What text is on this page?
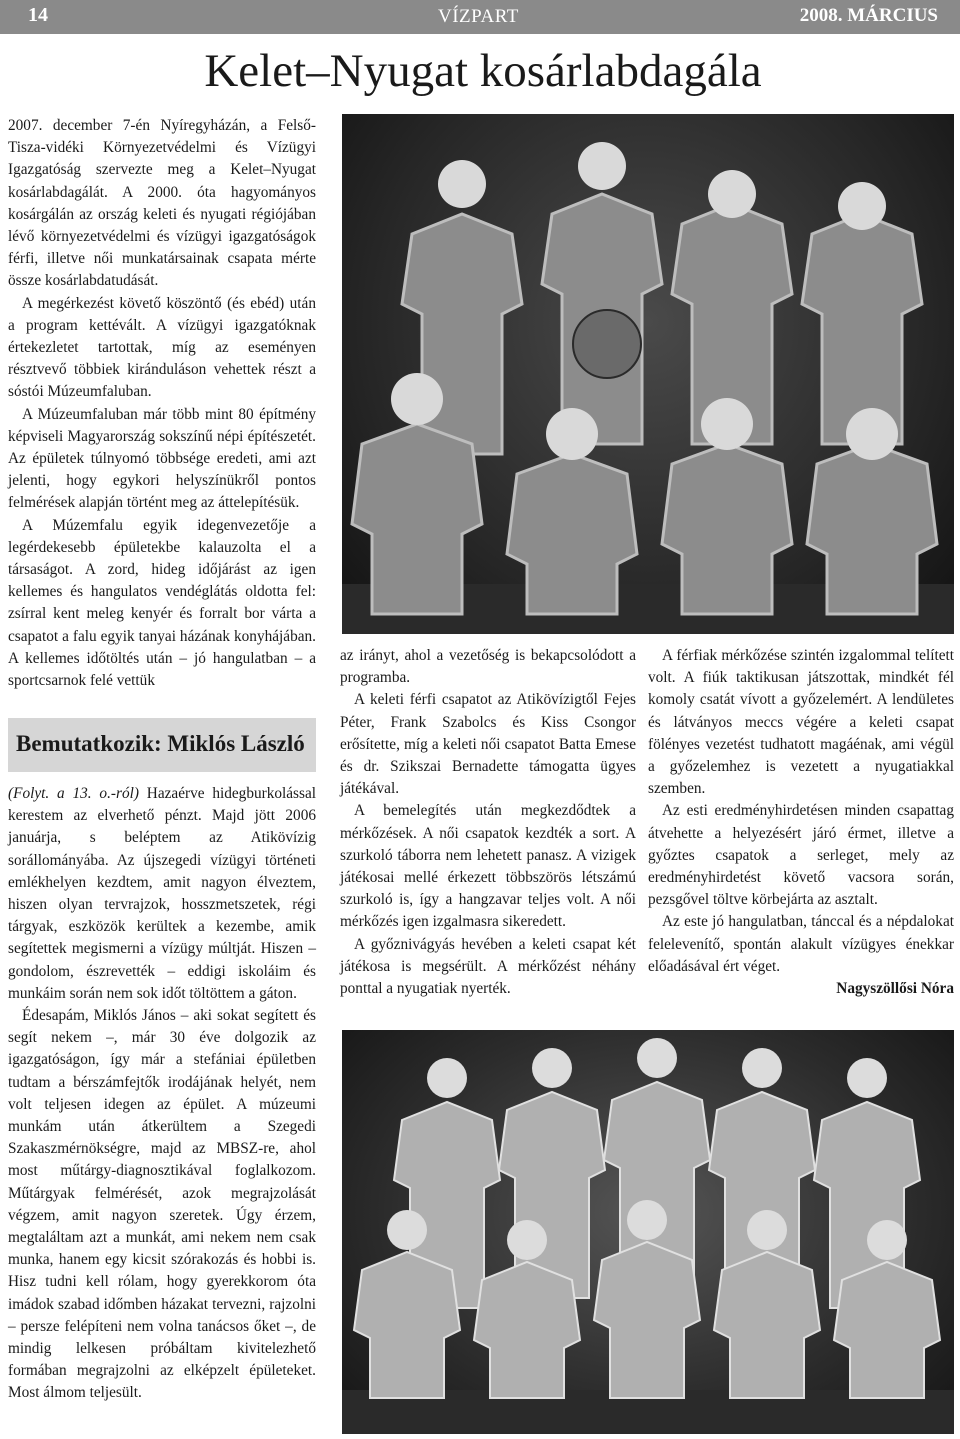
14	VÍZPART	2008. MÁRCIUS
Kelet–Nyugat kosárlabdagála

2007. december 7-én Nyíregyházán, a Felső-Tisza-vidéki Környezetvédelmi és Vízügyi Igazgatóság szervezte meg a Kelet–Nyugat kosárlabdagálát. A 2000. óta hagyományos kosárgálán az ország keleti és nyugati régiójában lévő környezetvédelmi és vízügyi igazgatóságok férfi, illetve női munkatársainak csapata mérte össze kosárlabdatudását.

A megérkezést követő köszöntő (és ebéd) után a program kettévált. A vízügyi igazgatóknak értekezletet tartottak, míg az eseményen résztvevő többiek kiránduláson vehettek részt a sóstói Múzeumfaluban.

A Múzeumfaluban már több mint 80 építmény képviseli Magyarország sokszínű népi építészetét. Az épületek túlnyomó többsége eredeti, ami azt jelenti, hogy egykori helyszínükről pontos felmérések alapján történt meg az áttelepítésük.

A Múzemfalu egyik idegenvezetője a legérdekesebb épületekbe kalauzolta el a társaságot. A zord, hideg időjárást az igen kellemes és hangulatos vendéglátás oldotta fel: zsírral kent meleg kenyér és forralt bor várta a csapatot a falu egyik tanyai házának konyhájában. A kellemes időtöltés után – jó hangulatban – a sportcsarnok felé vettük

Bemutatkozik: Miklós László

(Folyt. a 13. o.-ról) Hazaérve hidegburkolással kerestem az elverhető pénzt. Majd jött 2006 januárja, s beléptem az Atikövízig sorállományába. Az újszegedi vízügyi történeti emlékhelyen kezdtem, amit nagyon élveztem, hiszen olyan tervrajzok, hosszmetszetek, régi tárgyak, eszközök kerültek a kezembe, amik segítettek megismerni a vízügy múltját. Hiszen – gondolom, észrevették – eddigi iskoláim és munkáim során nem sok időt töltöttem a gáton.

Édesapám, Miklós János – aki sokat segített és segít nekem –, már 30 éve dolgozik az igazgatóságon, így már a stefániai épületben tudtam a bérszámfejtők irodájának helyét, nem volt teljesen idegen az épület. A múzeumi munkám után átkerültem a Szegedi Szakaszmérnökségre, majd az MBSZ-re, ahol most műtárgy-diagnosztikával foglalkozom. Műtárgyak felmérését, azok megrajzolását végzem, amit nagyon szeretek. Úgy érzem, megtaláltam azt a munkát, ami nekem nem csak munka, hanem egy kicsit szórakozás és hobbi is. Hisz tudni kell rólam, hogy gyerekkorom óta imádok szabad időmben házakat tervezni, rajzolni – persze felépíteni nem volna tanácsos őket –, de mindig lelkesen próbáltam kivitelezhető formában megrajzolni az elképzelt épületeket. Most álmom teljesült.

az irányt, ahol a vezetőség is bekapcsolódott a programba.

A keleti férfi csapatot az Atikövízigtől Fejes Péter, Frank Szabolcs és Kiss Csongor erősítette, míg a keleti női csapatot Batta Emese és dr. Szikszai Bernadette támogatta ügyes játékával.

A bemelegítés után megkezdődtek a mérkőzések. A női csapatok kezdték a sort. A szurkoló táborra nem lehetett panasz. A vizigek játékosai mellé érkezett többszörös létszámú szurkoló is, így a hangzavar teljes volt. A női mérkőzés igen izgalmasra sikeredett.

A győznivágyás hevében a keleti csapat két játékosa is megsérült. A mérkőzést néhány ponttal a nyugatiak nyerték.

A férfiak mérkőzése szintén izgalommal telített volt. A fiúk taktikusan játszottak, mindkét fél komoly csatát vívott a győzelemért. A lendületes és látványos meccs végére a keleti csapat fölényes vezetést tudhatott magáénak, ami végül a győzelemhez is vezetett a nyugatiakkal szemben.

Az esti eredményhirdetésen minden csapattag átvehette a helyezésért járó érmet, illetve a győztes csapatok a serleget, mely az eredményhirdetést követő vacsora során, pezsgővel töltve körbejárta az asztalt.

Az este jó hangulatban, tánccal és a népdalokat felelevenítő, spontán alakult vízügyes énekkar előadásával ért véget.

Nagyszöllősi Nóra
